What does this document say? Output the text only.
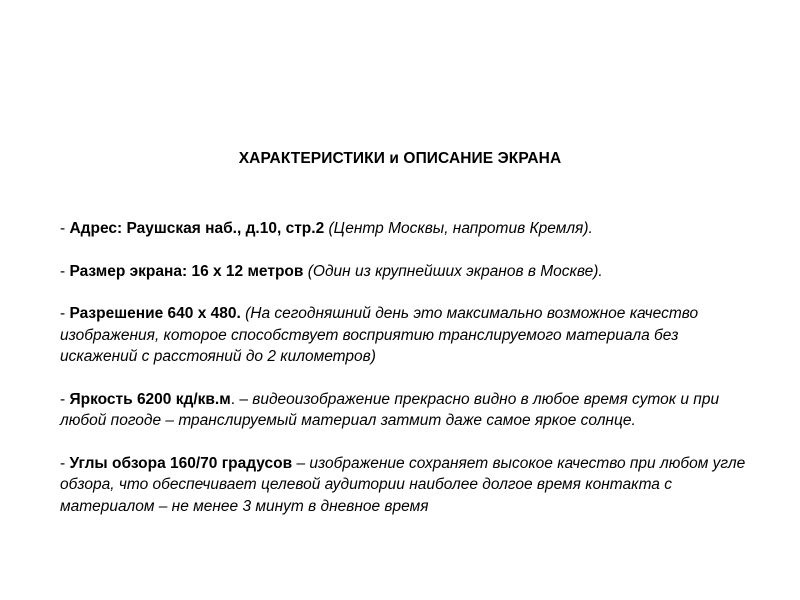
ХАРАКТЕРИСТИКИ и ОПИСАНИЕ ЭКРАНА

- Адрес: Раушская наб., д.10, стр.2 (Центр Москвы, напротив Кремля).

- Размер экрана: 16 х 12 метров (Один из крупнейших экранов в Москве).

- Разрешение 640 х 480. (На сегодняшний день это максимально возможное качество изображения, которое способствует восприятию транслируемого материала без искажений с расстояний до 2 километров)

- Яркость 6200 кд/кв.м. – видеоизображение прекрасно видно в любое время суток и при любой погоде – транслируемый материал затмит даже самое яркое солнце.

- Углы обзора 160/70 градусов – изображение сохраняет высокое качество при любом угле обзора, что обеспечивает целевой аудитории наиболее долгое время контакта с материалом – не менее 3 минут в дневное время
